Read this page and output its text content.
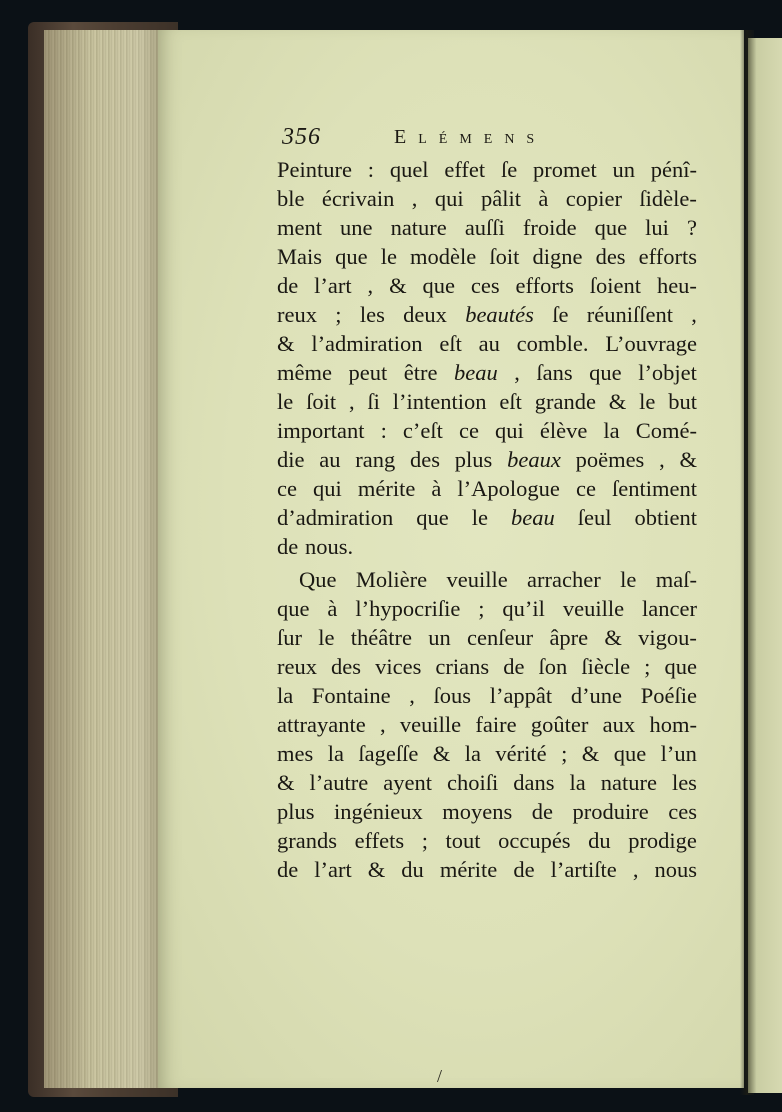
356	Elémens
Peinture : quel effet ſe promet un pénî-
ble écrivain , qui pâlit à copier ſidèle-
ment une nature auſſi froide que lui ?
Mais que le modèle ſoit digne des efforts
de l’art , & que ces efforts ſoient heu-
reux ; les deux beautés ſe réuniſſent ,
& l’admiration eſt au comble. L’ouvrage
même peut être beau , ſans que l’objet
le ſoit , ſi l’intention eſt grande & le but
important : c’eſt ce qui élève la Comé-
die au rang des plus beaux poëmes , &
ce qui mérite à l’Apologue ce ſentiment
d’admiration que le beau ſeul obtient
de nous.
Que Molière veuille arracher le maſ-
que à l’hypocriſie ; qu’il veuille lancer
ſur le théâtre un cenſeur âpre & vigou-
reux des vices crians de ſon ſiècle ; que
la Fontaine , ſous l’appât d’une Poéſie
attrayante , veuille faire goûter aux hom-
mes la ſageſſe & la vérité ; & que l’un
& l’autre ayent choiſi dans la nature les
plus ingénieux moyens de produire ces
grands effets ; tout occupés du prodige
de l’art & du mérite de l’artiſte , nous
/
